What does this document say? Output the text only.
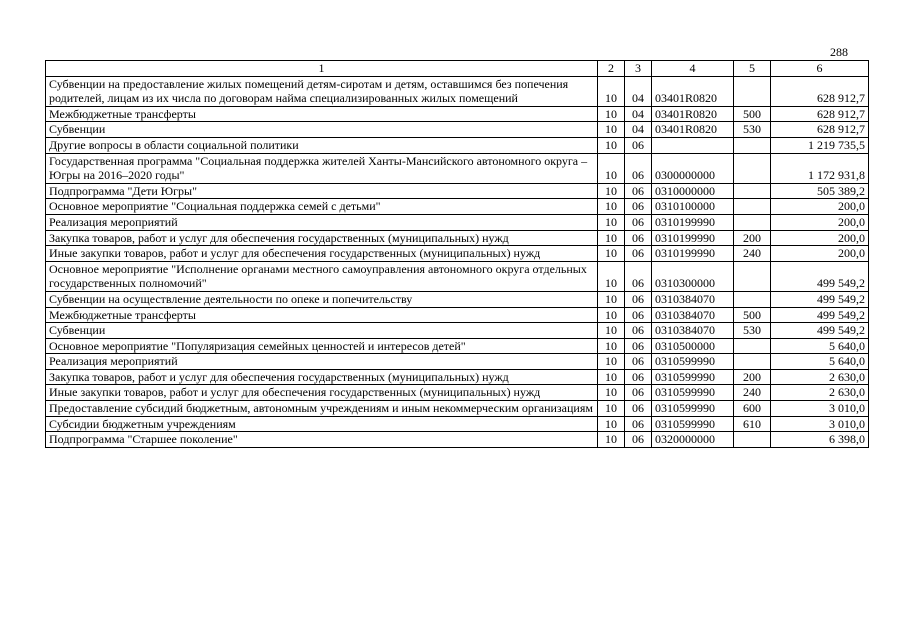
288
1	2	3	4	5	6
Субвенции на предоставление жилых помещений детям-сиротам и детям, оставшимся без попечения родителей, лицам из их числа по договорам найма специализированных жилых помещений	10	04	03401R0820		628 912,7
Межбюджетные трансферты	10	04	03401R0820	500	628 912,7
Субвенции	10	04	03401R0820	530	628 912,7
Другие вопросы в области социальной политики	10	06			1 219 735,5
Государственная программа "Социальная поддержка жителей Ханты-Мансийского автономного округа – Югры на 2016–2020 годы"	10	06	0300000000		1 172 931,8
Подпрограмма "Дети Югры"	10	06	0310000000		505 389,2
Основное мероприятие "Социальная поддержка семей с детьми"	10	06	0310100000		200,0
Реализация мероприятий	10	06	0310199990		200,0
Закупка товаров, работ и услуг для обеспечения государственных (муниципальных) нужд	10	06	0310199990	200	200,0
Иные закупки товаров, работ и услуг для обеспечения государственных (муниципальных) нужд	10	06	0310199990	240	200,0
Основное мероприятие "Исполнение органами местного самоуправления автономного округа отдельных государственных полномочий"	10	06	0310300000		499 549,2
Субвенции на осуществление деятельности по опеке и попечительству	10	06	0310384070		499 549,2
Межбюджетные трансферты	10	06	0310384070	500	499 549,2
Субвенции	10	06	0310384070	530	499 549,2
Основное мероприятие "Популяризация семейных ценностей и интересов детей"	10	06	0310500000		5 640,0
Реализация мероприятий	10	06	0310599990		5 640,0
Закупка товаров, работ и услуг для обеспечения государственных (муниципальных) нужд	10	06	0310599990	200	2 630,0
Иные закупки товаров, работ и услуг для обеспечения государственных (муниципальных) нужд	10	06	0310599990	240	2 630,0
Предоставление субсидий бюджетным, автономным учреждениям и иным некоммерческим организациям	10	06	0310599990	600	3 010,0
Субсидии бюджетным учреждениям	10	06	0310599990	610	3 010,0
Подпрограмма "Старшее поколение"	10	06	0320000000		6 398,0
